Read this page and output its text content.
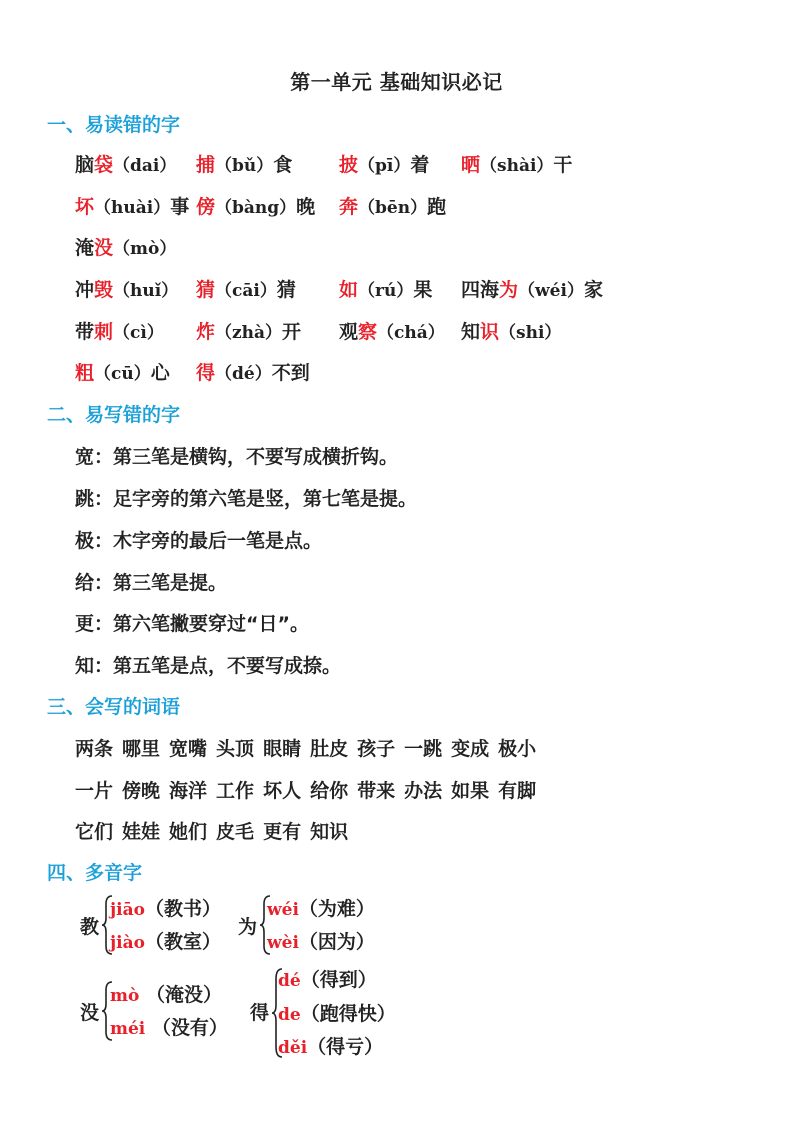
第一单元 基础知识必记
一、易读错的字
脑袋（dai） 捕（bǔ）食 披（pī）着 晒（shài）干
坏（huài）事 傍（bàng）晚 奔（bēn）跑
淹没（mò）
冲毁（huǐ） 猜（cāi）猜 如（rú）果 四海为（wéi）家
带刺（cì） 炸（zhà）开 观察（chá） 知识（shi）
粗（cū）心 得（dé）不到
二、易写错的字
宽：第三笔是横钩，不要写成横折钩。
跳：足字旁的第六笔是竖，第七笔是提。
极：木字旁的最后一笔是点。
给：第三笔是提。
更：第六笔撇要穿过“日”。
知：第五笔是点，不要写成捺。
三、会写的词语
两条 哪里 宽嘴 头顶 眼睛 肚皮 孩子 一跳 变成 极小
一片 傍晚 海洋 工作 坏人 给你 带来 办法 如果 有脚
它们 娃娃 她们 皮毛 更有 知识
四、多音字
教
jiāo（教书）
jiào（教室）
为
wéi（为难）
wèi（因为）
没
mò （淹没）
méi （没有）
得
dé（得到）
de（跑得快）
děi（得亏）
